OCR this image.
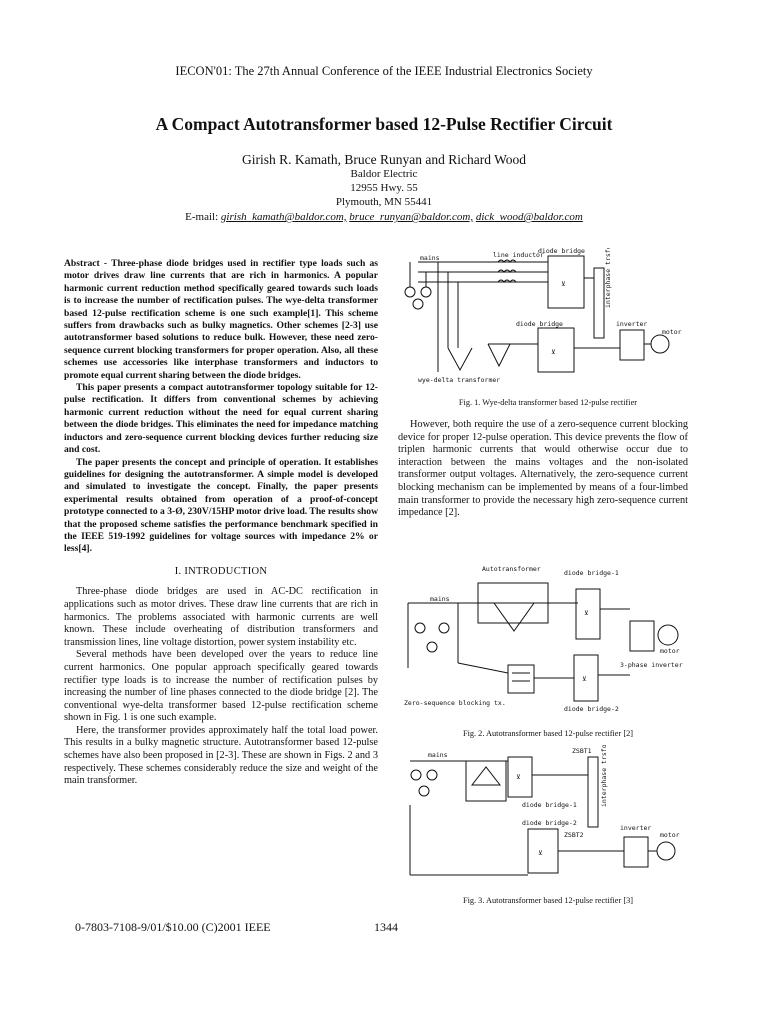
IECON'01: The 27th Annual Conference of the IEEE Industrial Electronics Society
A Compact Autotransformer based 12-Pulse Rectifier Circuit
Girish R. Kamath, Bruce Runyan and Richard Wood
Baldor Electric
12955 Hwy. 55
Plymouth, MN 55441
E-mail: girish_kamath@baldor.com, bruce_runyan@baldor.com, dick_wood@baldor.com

Abstract - Three-phase diode bridges used in rectifier type loads such as motor drives draw line currents that are rich in harmonics. A popular harmonic current reduction method specifically geared towards such loads is to increase the number of rectification pulses. The wye-delta transformer based 12-pulse rectification scheme is one such example[1]. This scheme suffers from drawbacks such as bulky magnetics. Other schemes [2-3] use autotransformer based solutions to reduce bulk. However, these need zero-sequence current blocking transformers for proper operation. Also, all these schemes use accessories like interphase transformers and inductors to promote equal current sharing between the diode bridges.

This paper presents a compact autotransformer topology suitable for 12-pulse rectification. It differs from conventional schemes by achieving harmonic current reduction without the need for equal current sharing between the diode bridges. This eliminates the need for impedance matching inductors and zero-sequence current blocking devices further reducing size and cost.

The paper presents the concept and principle of operation. It establishes guidelines for designing the autotransformer. A simple model is developed and simulated to investigate the concept. Finally, the paper presents experimental results obtained from operation of a proof-of-concept prototype connected to a 3-Ø, 230V/15HP motor drive load. The results show that the proposed scheme satisfies the performance benchmark specified in the IEEE 519-1992 guidelines for voltage sources with impedance 2% or less[4].

I. INTRODUCTION

Three-phase diode bridges are used in AC-DC rectification in applications such as motor drives. These draw line currents that are rich in harmonics. The problems associated with harmonic currents are well known. These include overheating of distribution transformers and transmission lines, line voltage distortion, power system instability etc.

Several methods have been developed over the years to reduce line current harmonics. One popular approach specifically geared towards rectifier type loads is to increase the number of rectification pulses by increasing the number of line phases connected to the diode bridge [2]. The conventional wye-delta transformer based 12-pulse rectification scheme shown in Fig. 1 is one such example.

Here, the transformer provides approximately half the total load power. This results in a bulky magnetic structure. Autotransformer based 12-pulse schemes have also been proposed in [2-3]. These are shown in Figs. 2 and 3 respectively. These schemes considerably reduce the size and weight of the main transformer.

mains	line inductor
diode bridge
⊻	interphase trsfo.
diode bridge
⊻
inverter
motor
wye-delta transformer
Fig. 1. Wye-delta transformer based 12-pulse rectifier

However, both require the use of a zero-sequence current blocking device for proper 12-pulse operation. This device prevents the flow of triplen harmonic currents that would otherwise occur due to interaction between the mains voltages and the non-isolated transformer output voltages. Alternatively, the zero-sequence current blocking mechanism can be implemented by means of a four-limbed main transformer to provide the necessary high zero-sequence current impedance [2].

Autotransformer	diode bridge-1
mains
⊻
⊻
motor
3-phase inverter
Zero-sequence blocking tx.
diode bridge-2
Fig. 2. Autotransformer based 12-pulse rectifier [2]
mains	ZSBT1
⊻
diode bridge-1	interphase trsfo.
diode bridge-2
ZSBT2
⊻
inverter
motor
Fig. 3. Autotransformer based 12-pulse rectifier [3]
0-7803-7108-9/01/$10.00 (C)2001 IEEE	1344
